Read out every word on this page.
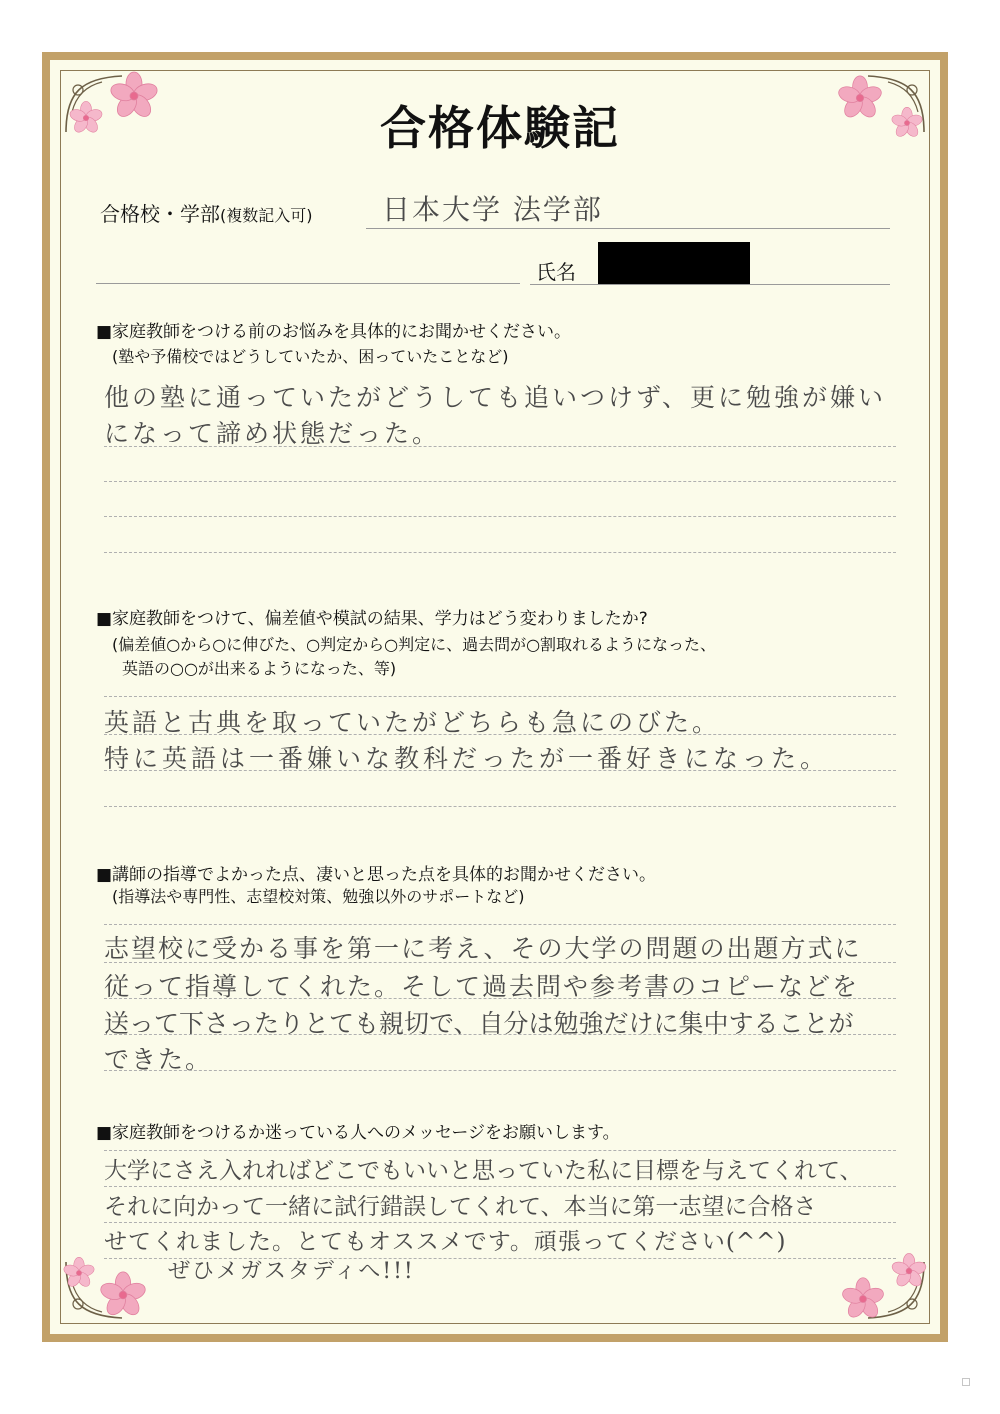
合格体験記
合格校・学部(複数記入可) 日本大学 法学部
氏名
■家庭教師をつける前のお悩みを具体的にお聞かせください。
(塾や予備校ではどうしていたか、困っていたことなど)
他の塾に通っていたがどうしても追いつけず、更に勉強が嫌い
になって諦め状態だった。
■家庭教師をつけて、偏差値や模試の結果、学力はどう変わりましたか?
(偏差値○から○に伸びた、○判定から○判定に、過去問が○割取れるようになった、
英語の○○が出来るようになった、等)
英語と古典を取っていたがどちらも急にのびた。
特に英語は一番嫌いな教科だったが一番好きになった。
■講師の指導でよかった点、凄いと思った点を具体的お聞かせください。
(指導法や専門性、志望校対策、勉強以外のサポートなど)
志望校に受かる事を第一に考え、その大学の問題の出題方式に
従って指導してくれた。そして過去問や参考書のコピーなどを
送って下さったりとても親切で、自分は勉強だけに集中することが
できた。
■家庭教師をつけるか迷っている人へのメッセージをお願いします。
大学にさえ入れればどこでもいいと思っていた私に目標を与えてくれて、
それに向かって一緒に試行錯誤してくれて、本当に第一志望に合格さ
せてくれました。とてもオススメです。頑張ってください(^^)
ぜひメガスタディへ!!!
